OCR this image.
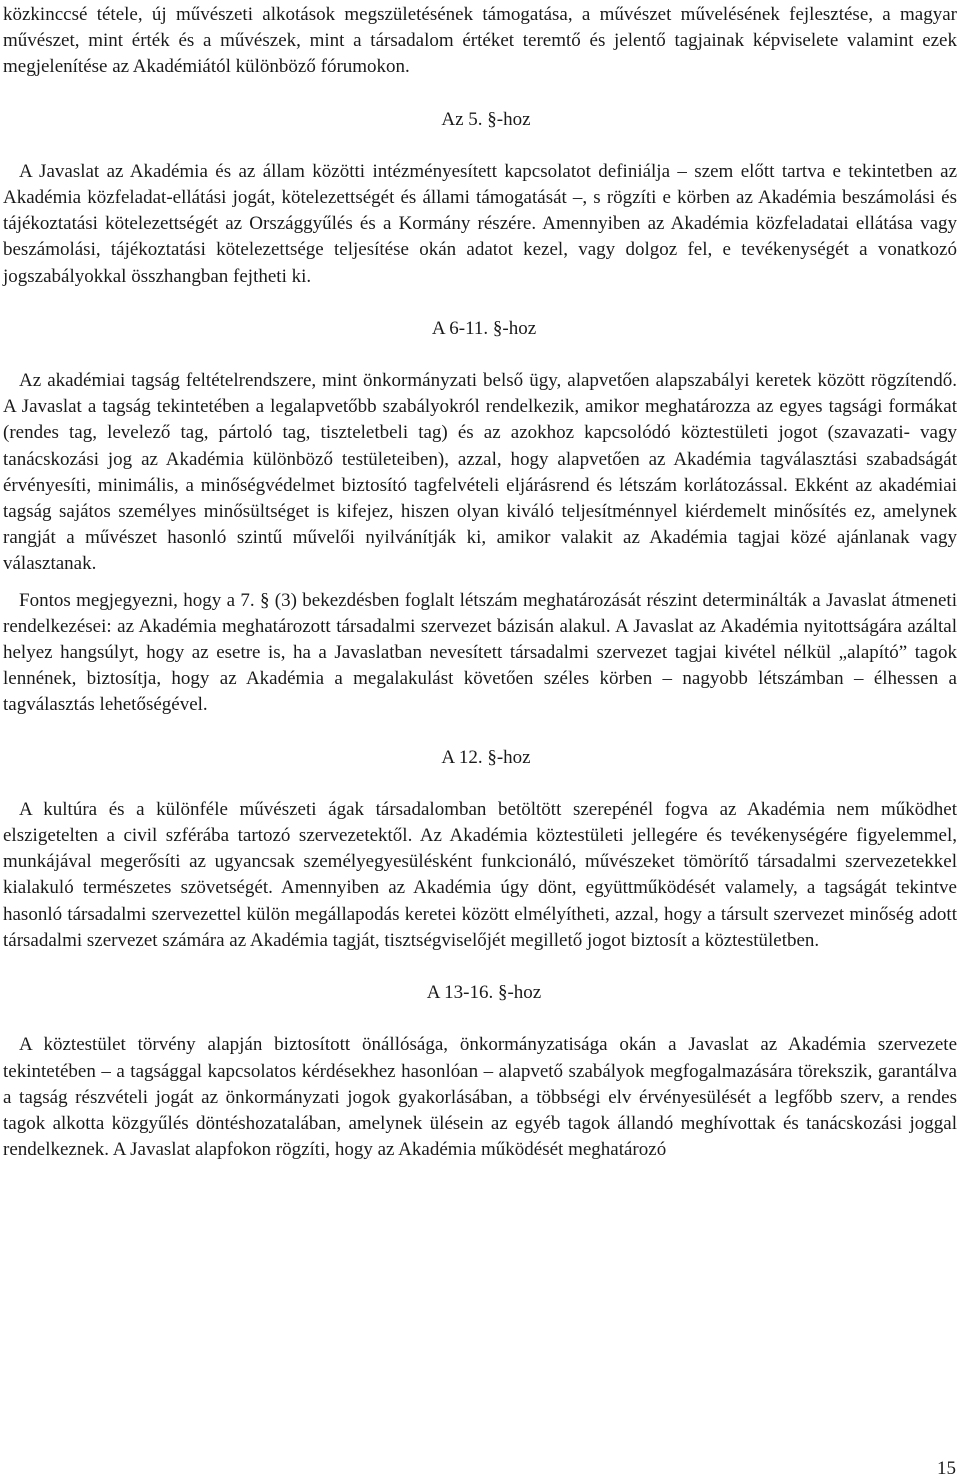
közkinccsé tétele, új művészeti alkotások megszületésének támogatása, a művészet művelésének fejlesztése, a magyar művészet, mint érték és a művészek, mint a társadalom értéket teremtő és jelentő tagjainak képviselete valamint ezek megjelenítése az Akadémiától különböző fórumokon.

Az 5. §-hoz

A Javaslat az Akadémia és az állam közötti intézményesített kapcsolatot definiálja – szem előtt tartva e tekintetben az Akadémia közfeladat-ellátási jogát, kötelezettségét és állami támogatását –, s rögzíti e körben az Akadémia beszámolási és tájékoztatási kötelezettségét az Országgyűlés és a Kormány részére. Amennyiben az Akadémia közfeladatai ellátása vagy beszámolási, tájékoztatási kötelezettsége teljesítése okán adatot kezel, vagy dolgoz fel, e tevékenységét a vonatkozó jogszabályokkal összhangban fejtheti ki.

A 6-11. §-hoz

Az akadémiai tagság feltételrendszere, mint önkormányzati belső ügy, alapvetően alapszabályi keretek között rögzítendő. A Javaslat a tagság tekintetében a legalapvetőbb szabályokról rendelkezik, amikor meghatározza az egyes tagsági formákat (rendes tag, levelező tag, pártoló tag, tiszteletbeli tag) és az azokhoz kapcsolódó köztestületi jogot (szavazati- vagy tanácskozási jog az Akadémia különböző testületeiben), azzal, hogy alapvetően az Akadémia tagválasztási szabadságát érvényesíti, minimális, a minőségvédelmet biztosító tagfelvételi eljárásrend és létszám korlátozással. Ekként az akadémiai tagság sajátos személyes minősültséget is kifejez, hiszen olyan kiváló teljesítménnyel kiérdemelt minősítés ez, amelynek rangját a művészet hasonló szintű művelői nyilvánítják ki, amikor valakit az Akadémia tagjai közé ajánlanak vagy választanak.

Fontos megjegyezni, hogy a 7. § (3) bekezdésben foglalt létszám meghatározását részint determinálták a Javaslat átmeneti rendelkezései: az Akadémia meghatározott társadalmi szervezet bázisán alakul. A Javaslat az Akadémia nyitottságára azáltal helyez hangsúlyt, hogy az esetre is, ha a Javaslatban nevesített társadalmi szervezet tagjai kivétel nélkül „alapító” tagok lennének, biztosítja, hogy az Akadémia a megalakulást követően széles körben – nagyobb létszámban – élhessen a tagválasztás lehetőségével.

A 12. §-hoz

A kultúra és a különféle művészeti ágak társadalomban betöltött szerepénél fogva az Akadémia nem működhet elszigetelten a civil szférába tartozó szervezetektől. Az Akadémia köztestületi jellegére és tevékenységére figyelemmel, munkájával megerősíti az ugyancsak személyegyesülésként funkcionáló, művészeket tömörítő társadalmi szervezetekkel kialakuló természetes szövetségét. Amennyiben az Akadémia úgy dönt, együttműködését valamely, a tagságát tekintve hasonló társadalmi szervezettel külön megállapodás keretei között elmélyítheti, azzal, hogy a társult szervezet minőség adott társadalmi szervezet számára az Akadémia tagját, tisztségviselőjét megillető jogot biztosít a köztestületben.

A 13-16. §-hoz

A köztestület törvény alapján biztosított önállósága, önkormányzatisága okán a Javaslat az Akadémia szervezete tekintetében – a tagsággal kapcsolatos kérdésekhez hasonlóan – alapvető szabályok megfogalmazására törekszik, garantálva a tagság részvételi jogát az önkormányzati jogok gyakorlásában, a többségi elv érvényesülését a legfőbb szerv, a rendes tagok alkotta közgyűlés döntéshozatalában, amelynek ülésein az egyéb tagok állandó meghívottak és tanácskozási joggal rendelkeznek. A Javaslat alapfokon rögzíti, hogy az Akadémia működését meghatározó

15
